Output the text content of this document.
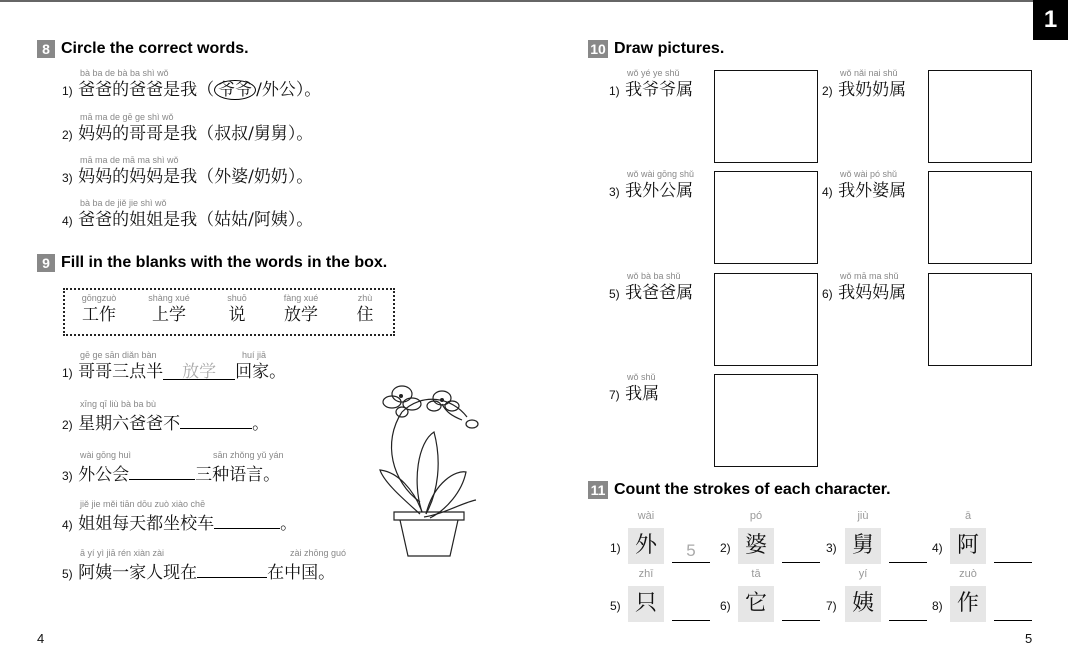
1
8 Circle the correct words.
bà ba de bà ba shì wǒ
1) 爸爸的爸爸是我（ 爷爷 /外公）。
mā ma de gē ge shì wǒ
2) 妈妈的哥哥是我（叔叔/舅舅）。
mā ma de mā ma shì wǒ
3) 妈妈的妈妈是我（外婆/奶奶）。
bà ba de jiě jie shì wǒ
4) 爸爸的姐姐是我（姑姑/阿姨）。
9 Fill in the blanks with the words in the box.
gōngzuò
工作
shàng xué
上学
shuō
说
fàng xué
放学
zhù
住
gē ge sān diǎn bàn	huí jiā
1) 哥哥三点半 放学 回家。
xīng qī liù bà ba bù
2) 星期六爸爸不	。
wài gōng huì	sān zhǒng yǔ yán
3) 外公会	三种语言。
jiě jie měi tiān dōu zuò xiào chē
4) 姐姐每天都坐校车	。
ā yí yì jiā rén xiàn zài	zài zhōng guó
5) 阿姨一家人现在	在中国。
4
10 Draw pictures.
wǒ yé ye shǔ
1) 我爷爷属
wǒ nǎi nai shǔ
2) 我奶奶属
wǒ wài gōng shǔ
3) 我外公属
wǒ wài pó shǔ
4) 我外婆属
wǒ bà ba shǔ
5) 我爸爸属
wǒ mā ma shǔ
6) 我妈妈属
wǒ shǔ
7) 我属
11 Count the strokes of each character.
wài
1) 外	5
pó
2) 婆
jiù
3) 舅
ā
4) 阿
zhī
5) 只
tā
6) 它
yí
7) 姨
zuò
8) 作
5
